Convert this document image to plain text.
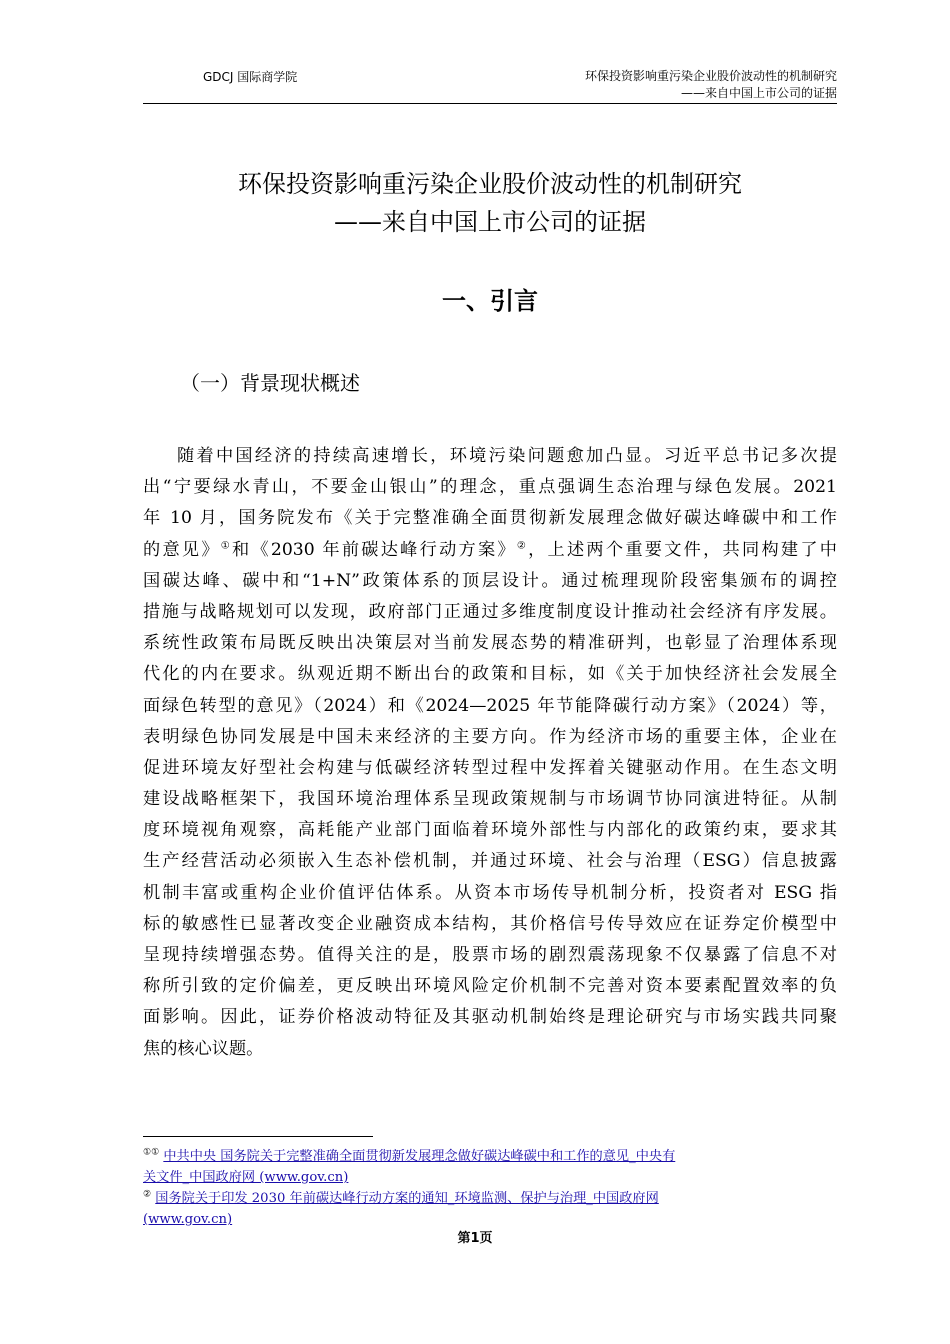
GDCJ 国际商学院	环保投资影响重污染企业股价波动性的机制研究
——来自中国上市公司的证据
环保投资影响重污染企业股价波动性的机制研究
——来自中国上市公司的证据
一、引言
（一）背景现状概述
随着中国经济的持续高速增长，环境污染问题愈加凸显。习近平总书记多次提
出“宁要绿水青山，不要金山银山”的理念，重点强调生态治理与绿色发展。2021
年 10 月，国务院发布《关于完整准确全面贯彻新发展理念做好碳达峰碳中和工作
的意见》①和《2030 年前碳达峰行动方案》②，上述两个重要文件，共同构建了中
国碳达峰、碳中和“1+N”政策体系的顶层设计。通过梳理现阶段密集颁布的调控
措施与战略规划可以发现，政府部门正通过多维度制度设计推动社会经济有序发展。
系统性政策布局既反映出决策层对当前发展态势的精准研判，也彰显了治理体系现
代化的内在要求。纵观近期不断出台的政策和目标，如《关于加快经济社会发展全
面绿色转型的意见》（2024）和《2024—2025 年节能降碳行动方案》（2024）等，
表明绿色协同发展是中国未来经济的主要方向。作为经济市场的重要主体，企业在
促进环境友好型社会构建与低碳经济转型过程中发挥着关键驱动作用。在生态文明
建设战略框架下，我国环境治理体系呈现政策规制与市场调节协同演进特征。从制
度环境视角观察，高耗能产业部门面临着环境外部性与内部化的政策约束，要求其
生产经营活动必须嵌入生态补偿机制，并通过环境、社会与治理（ESG）信息披露
机制丰富或重构企业价值评估体系。从资本市场传导机制分析，投资者对 ESG 指
标的敏感性已显著改变企业融资成本结构，其价格信号传导效应在证券定价模型中
呈现持续增强态势。值得关注的是，股票市场的剧烈震荡现象不仅暴露了信息不对
称所引致的定价偏差，更反映出环境风险定价机制不完善对资本要素配置效率的负
面影响。因此，证券价格波动特征及其驱动机制始终是理论研究与市场实践共同聚
焦的核心议题。
①① 中共中央 国务院关于完整准确全面贯彻新发展理念做好碳达峰碳中和工作的意见_中央有
关文件_中国政府网 (www.gov.cn)
② 国务院关于印发 2030 年前碳达峰行动方案的通知_环境监测、保护与治理_中国政府网
(www.gov.cn)
第1页
